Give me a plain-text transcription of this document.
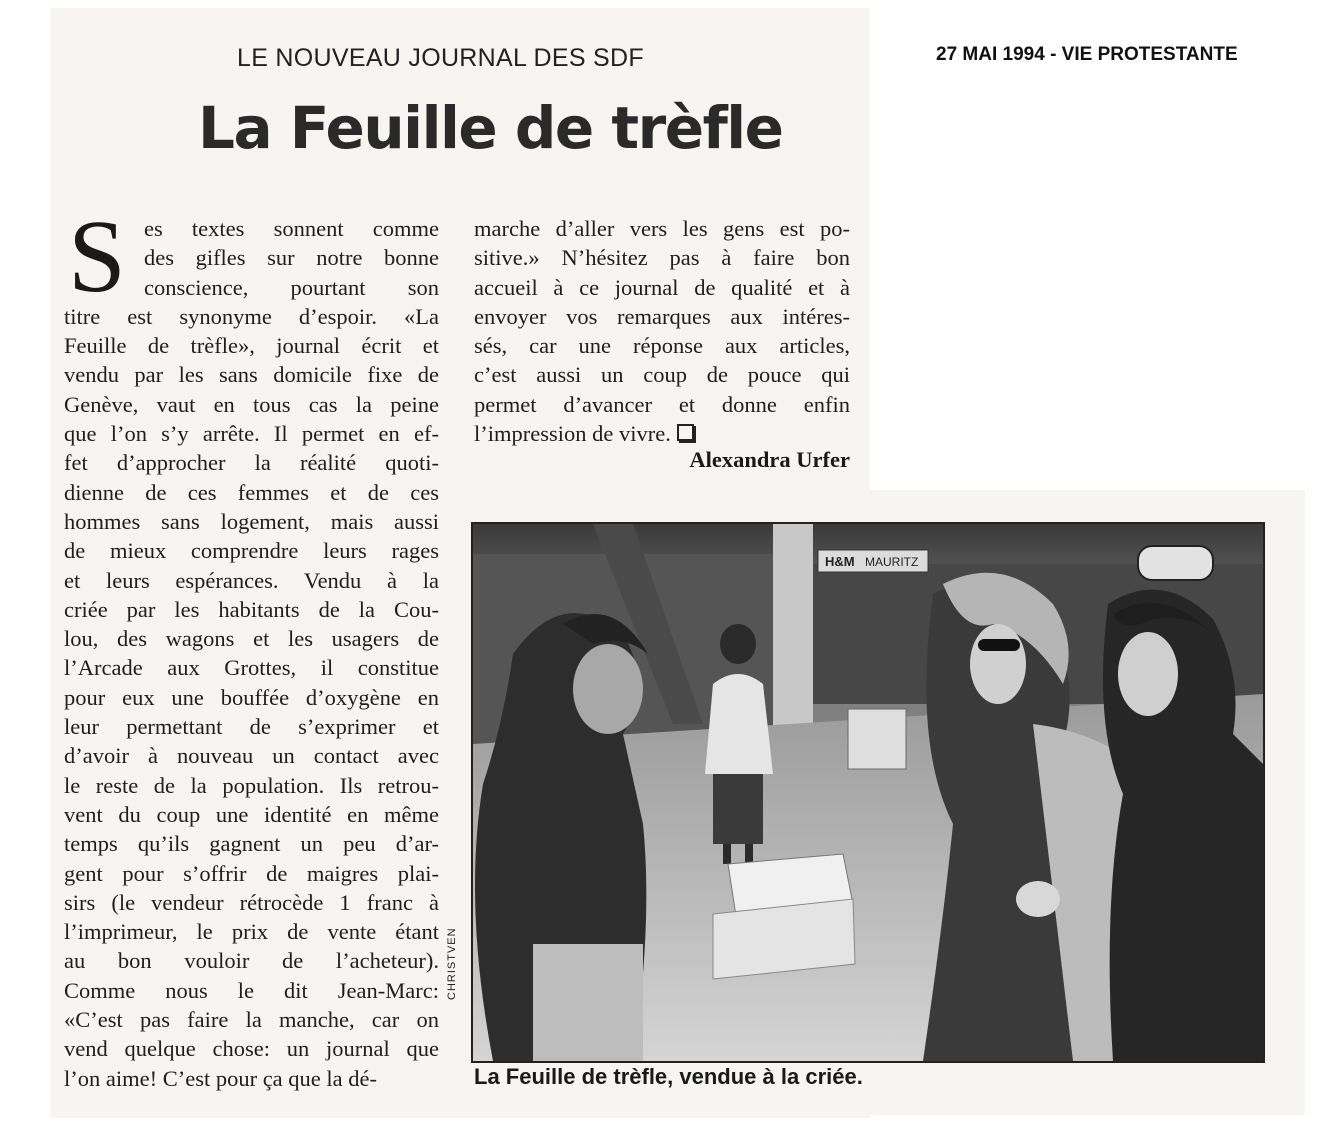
27 MAI 1994 - VIE PROTESTANTE
LE NOUVEAU JOURNAL DES SDF
La Feuille de trèfle
S es textes sonnent comme
des gifles sur notre bonne
conscience, pourtant son
titre est synonyme d’espoir. «La
Feuille de trèfle», journal écrit et
vendu par les sans domicile fixe de
Genève, vaut en tous cas la peine
que l’on s’y arrête. Il permet en ef-
fet d’approcher la réalité quoti-
dienne de ces femmes et de ces
hommes sans logement, mais aussi
de mieux comprendre leurs rages
et leurs espérances. Vendu à la
criée par les habitants de la Cou-
lou, des wagons et les usagers de
l’Arcade aux Grottes, il constitue
pour eux une bouffée d’oxygène en
leur permettant de s’exprimer et
d’avoir à nouveau un contact avec
le reste de la population. Ils retrou-
vent du coup une identité en même
temps qu’ils gagnent un peu d’ar-
gent pour s’offrir de maigres plai-
sirs (le vendeur rétrocède 1 franc à
l’imprimeur, le prix de vente étant
au bon vouloir de l’acheteur).
Comme nous le dit Jean-Marc:
«C’est pas faire la manche, car on
vend quelque chose: un journal que
l’on aime! C’est pour ça que la dé-
marche d’aller vers les gens est po-
sitive.» N’hésitez pas à faire bon
accueil à ce journal de qualité et à
envoyer vos remarques aux intéres-
sés, car une réponse aux articles,
c’est aussi un coup de pouce qui
permet d’avancer et donne enfin
l’impression de vivre.
Alexandra Urfer
H&M MAURITZ
CHRISTVEN
La Feuille de trèfle, vendue à la criée.
